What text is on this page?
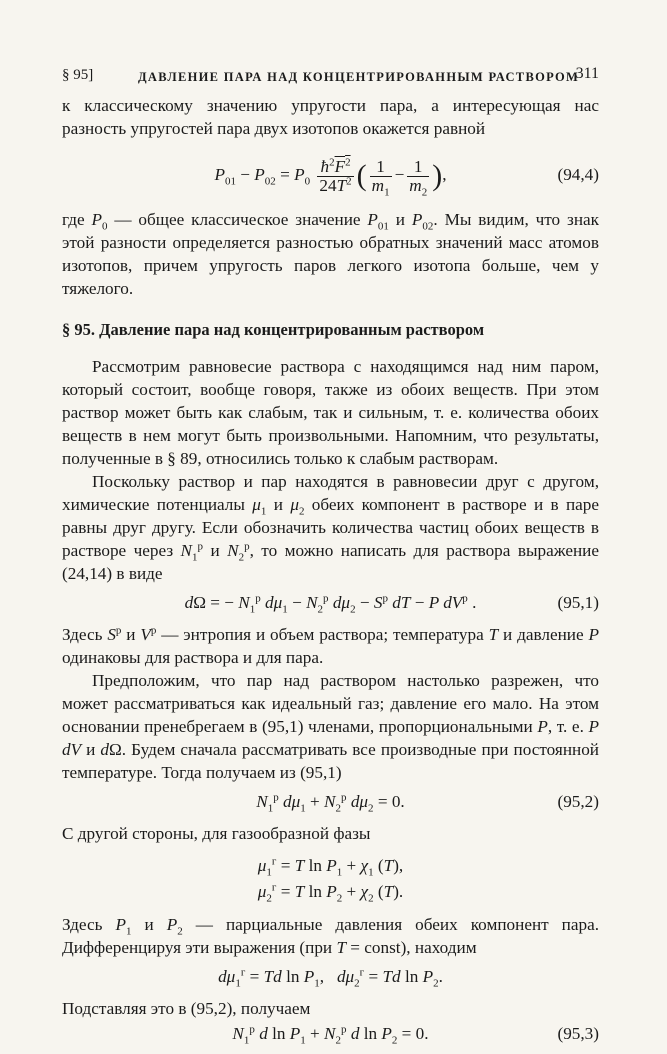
§ 95]	ДАВЛЕНИЕ ПАРА НАД КОНЦЕНТРИРОВАННЫМ РАСТВОРОМ
311

к классическому значению упругости пара, а интересующая нас разность упругостей пара двух изотопов окажется равной

$P_{01} - P_{02} = P_0 \frac{ħ^2F^2}{24T^2}$ ( $\frac{1}{m_1} - \frac{1}{m_2}$ ),	(94,4)

где $P_0$ — общее классическое значение $P_{01}$ и $P_{02}$. Мы видим, что знак этой разности определяется разностью обратных значений масс атомов изотопов, причем упругость паров легкого изотопа больше, чем у тяжелого.

§ 95. Давление пара над концентрированным раствором

Рассмотрим равновесие раствора с находящимся над ним паром, который состоит, вообще говоря, также из обоих веществ. При этом раствор может быть как слабым, так и сильным, т. е. количества обоих веществ в нем могут быть произвольными. Напомним, что результаты, полученные в § 89, относились только к слабым растворам.

Поскольку раствор и пар находятся в равновесии друг с другом, химические потенциалы $\mu_1$ и $\mu_2$ обеих компонент в растворе и в паре равны друг другу. Если обозначить количества частиц обоих веществ в растворе через $N_1^р$ и $N_2^р$, то можно написать для раствора выражение (24,14) в виде

dΩ = − $N_1^р$ $d\mu_1 - N_2^р$ $d\mu_2 - S^р$ dT − P $dV^р$ .	(95,1)

Здесь $S^р$ и $V^р$ — энтропия и объем раствора; температура T и давление P одинаковы для раствора и для пара.

Предположим, что пар над раствором настолько разрежен, что может рассматриваться как идеальный газ; давление его мало. На этом основании пренебрегаем в (95,1) членами, пропорциональными P, т. е. P dV и dΩ. Будем сначала рассматривать все производные при постоянной температуре. Тогда получаем из (95,1)

$N_1^р$ $d\mu_1 + N_2^р$ $d\mu_2 = 0$.	(95,2)

С другой стороны, для газообразной фазы

$\mu_1^г = T$ $\ln P_1 + \chi_1$ (T),
$\mu_2^г = T$ $\ln P_2 + \chi_2$ (T).

Здесь $P_1$ и $P_2$ — парциальные давления обеих компонент пара. Дифференцируя эти выражения (при T = const), находим

$d\mu_1^г = Td$ $\ln P_1$,   $d\mu_2^г = Td$ $\ln P_2$.

Подставляя это в (95,2), получаем

$N_1^р$ d $\ln P_1 + N_2^р$ d $\ln P_2 = 0$.	(95,3)
